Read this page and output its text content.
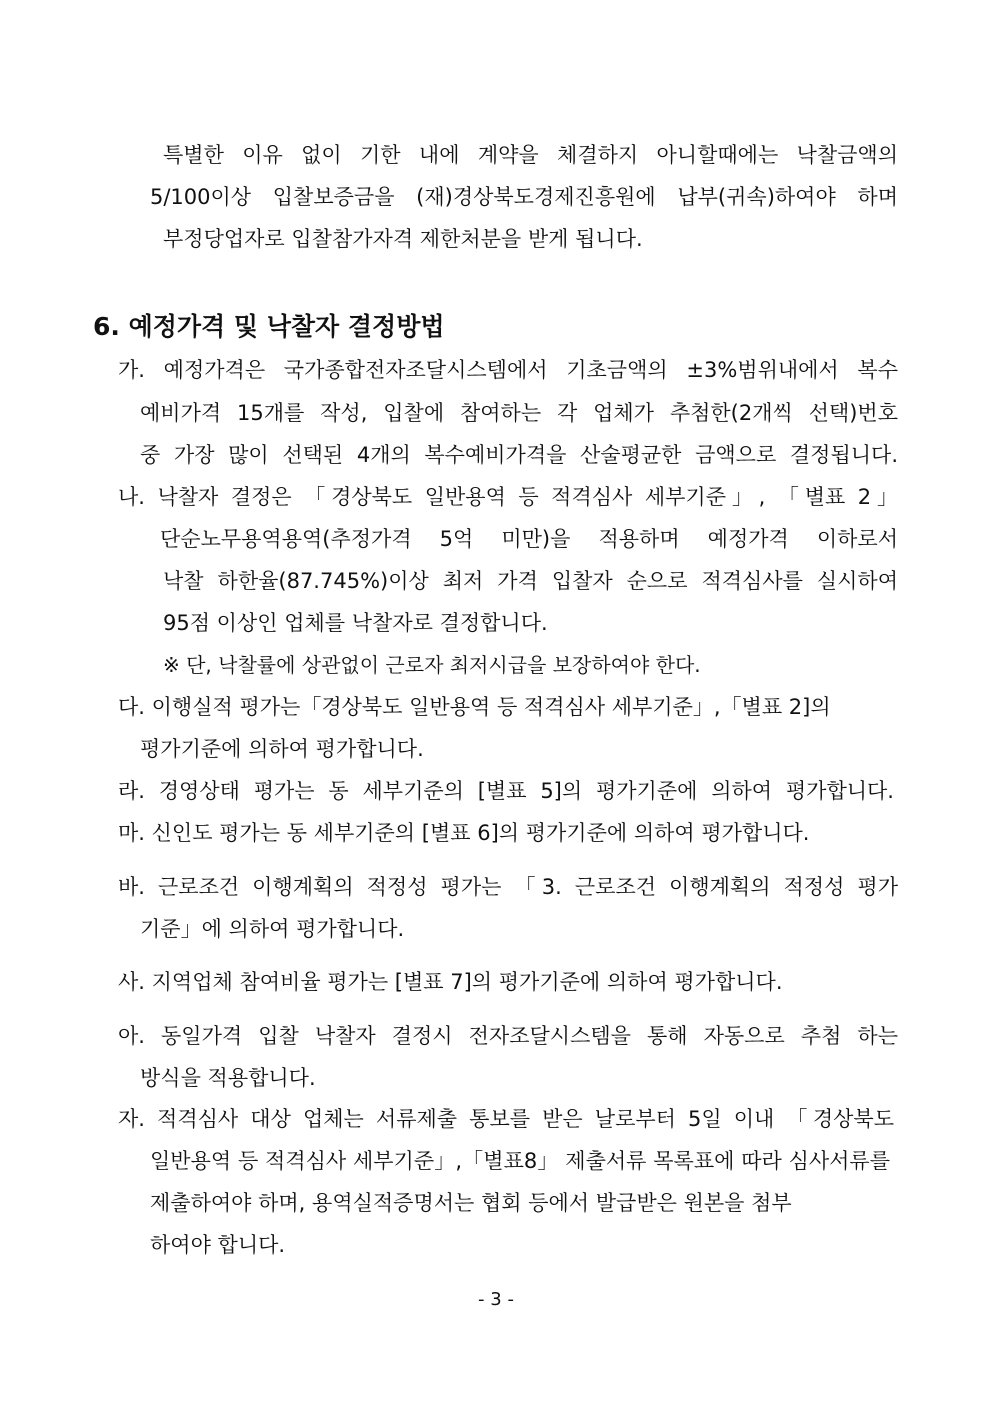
특별한 이유 없이 기한 내에 계약을 체결하지 아니할때에는 낙찰금액의
5/100이상 입찰보증금을 (재)경상북도경제진흥원에 납부(귀속)하여야 하며
부정당업자로 입찰참가자격 제한처분을 받게 됩니다.
6. 예정가격 및 낙찰자 결정방법
가. 예정가격은 국가종합전자조달시스템에서 기초금액의 ±3%범위내에서 복수
예비가격 15개를 작성, 입찰에 참여하는 각 업체가 추첨한(2개씩 선택)번호
중 가장 많이 선택된 4개의 복수예비가격을 산술평균한 금액으로 결정됩니다.
나. 낙찰자 결정은 「경상북도 일반용역 등 적격심사 세부기준」, 「별표 2」
단순노무용역용역(추정가격 5억 미만)을 적용하며 예정가격 이하로서
낙찰 하한율(87.745%)이상 최저 가격 입찰자 순으로 적격심사를 실시하여
95점 이상인 업체를 낙찰자로 결정합니다.
※ 단, 낙찰률에 상관없이 근로자 최저시급을 보장하여야 한다.
다. 이행실적 평가는「경상북도 일반용역 등 적격심사 세부기준」,「별표 2]의
평가기준에 의하여 평가합니다.
라. 경영상태 평가는 동 세부기준의 [별표 5]의 평가기준에 의하여 평가합니다.
마. 신인도 평가는 동 세부기준의 [별표 6]의 평가기준에 의하여 평가합니다.
바. 근로조건 이행계획의 적정성 평가는 「3. 근로조건 이행계획의 적정성 평가
기준」에 의하여 평가합니다.
사. 지역업체 참여비율 평가는 [별표 7]의 평가기준에 의하여 평가합니다.
아. 동일가격 입찰 낙찰자 결정시 전자조달시스템을 통해 자동으로 추첨 하는
방식을 적용합니다.
자. 적격심사 대상 업체는 서류제출 통보를 받은 날로부터 5일 이내 「경상북도
일반용역 등 적격심사 세부기준」,「별표8」 제출서류 목록표에 따라 심사서류를
제출하여야 하며, 용역실적증명서는 협회 등에서 발급받은 원본을 첨부
하여야 합니다.
- 3 -
